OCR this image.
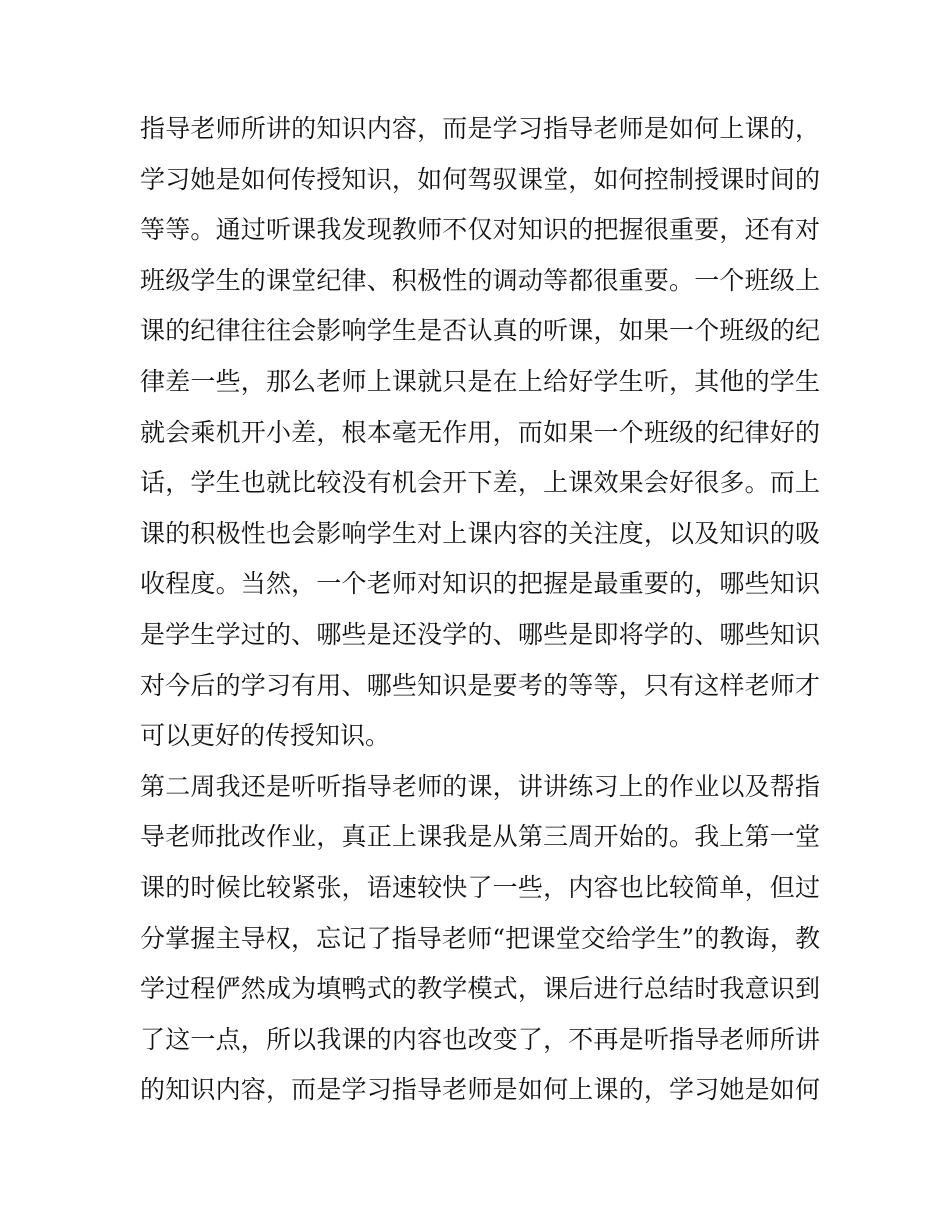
指导老师所讲的知识内容，而是学习指导老师是如何上课的，
学习她是如何传授知识，如何驾驭课堂，如何控制授课时间的
等等。通过听课我发现教师不仅对知识的把握很重要，还有对
班级学生的课堂纪律、积极性的调动等都很重要。一个班级上
课的纪律往往会影响学生是否认真的听课，如果一个班级的纪
律差一些，那么老师上课就只是在上给好学生听，其他的学生
就会乘机开小差，根本毫无作用，而如果一个班级的纪律好的
话，学生也就比较没有机会开下差，上课效果会好很多。而上
课的积极性也会影响学生对上课内容的关注度，以及知识的吸
收程度。当然，一个老师对知识的把握是最重要的，哪些知识
是学生学过的、哪些是还没学的、哪些是即将学的、哪些知识
对今后的学习有用、哪些知识是要考的等等，只有这样老师才
可以更好的传授知识。
第二周我还是听听指导老师的课，讲讲练习上的作业以及帮指
导老师批改作业，真正上课我是从第三周开始的。我上第一堂
课的时候比较紧张，语速较快了一些，内容也比较简单，但过
分掌握主导权，忘记了指导老师“把课堂交给学生”的教诲，教
学过程俨然成为填鸭式的教学模式，课后进行总结时我意识到
了这一点，所以我课的内容也改变了，不再是听指导老师所讲
的知识内容，而是学习指导老师是如何上课的，学习她是如何
